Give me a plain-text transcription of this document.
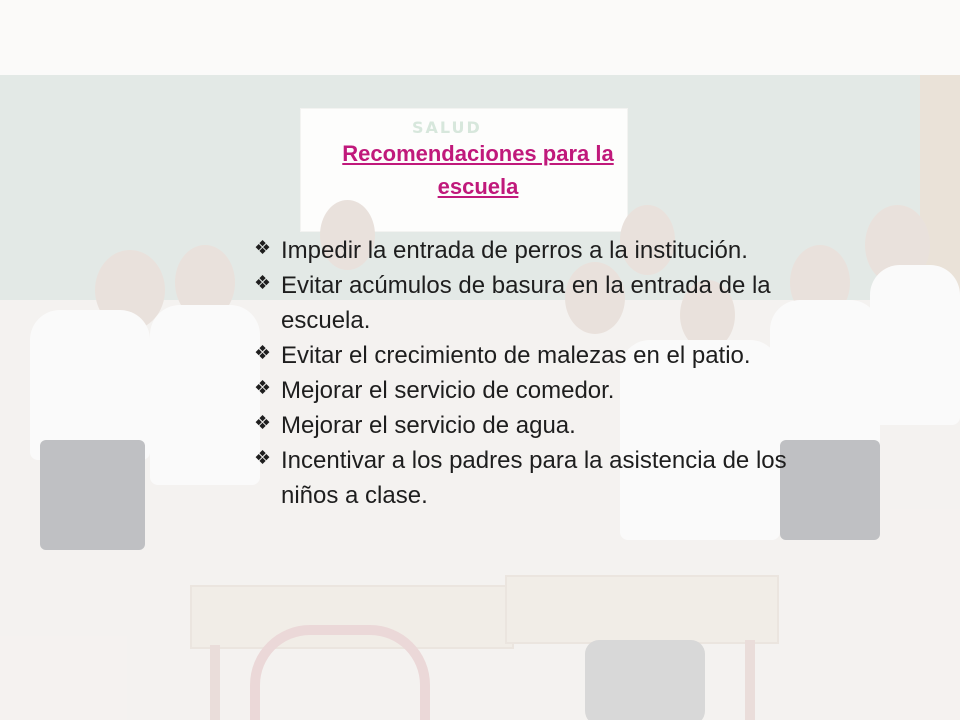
SALUD
Recomendaciones para la
escuela
❖ Impedir la entrada de perros a la institución.
❖ Evitar acúmulos de basura en la entrada de la escuela.
❖ Evitar el crecimiento de malezas en el patio.
❖ Mejorar el servicio de comedor.
❖ Mejorar el servicio de agua.
❖ Incentivar a los padres para la asistencia de los niños a clase.
